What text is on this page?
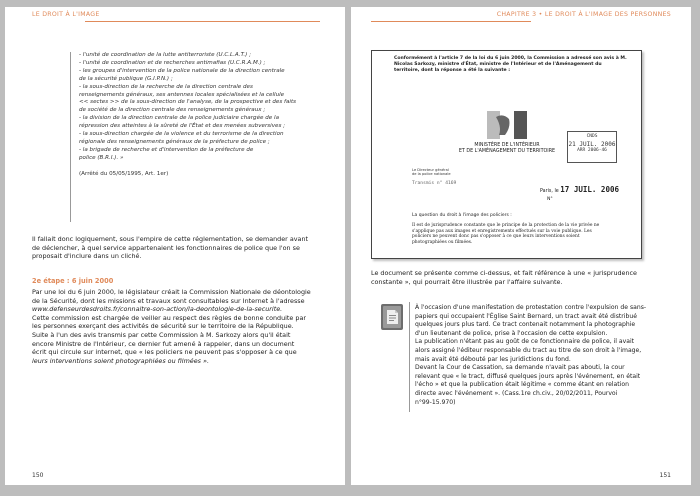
LE DROIT À L'IMAGE

- l'unité de coordination de la lutte antiterroriste (U.C.L.A.T.) ;

- l'unité de coordination et de recherches antimafias (U.C.R.A.M.) ;

- les groupes d'intervention de la police nationale de la direction centrale

de la sécurité publique (G.I.P.N.) ;

- la sous-direction de la recherche de la direction centrale des

renseignements généraux, ses antennes locales spécialisées et la cellule

<< sectes >> de la sous-direction de l'analyse, de la prospective et des faits

de société de la direction centrale des renseignements généraux ;

- la division de la direction centrale de la police judiciaire chargée de la

répression des atteintes à la sûreté de l'État et des menées subversives ;

- la sous-direction chargée de la violence et du terrorisme de la direction

régionale des renseignements généraux de la préfecture de police ;

- la brigade de recherche et d'intervention de la préfecture de

police (B.R.I.). »

(Arrêté du 05/05/1995, Art. 1er)
Il fallait donc logiquement, sous l'empire de cette réglementation, se demander avant
de déclencher, à quel service appartenaient les fonctionnaires de police que l'on se
proposait d'inclure dans un cliché.
2e étape : 6 juin 2000
Par une loi du 6 juin 2000, le législateur créait la Commission Nationale de déontologie
de la Sécurité, dont les missions et travaux sont consultables sur Internet à l'adresse
www.defenseurdesdroits.fr/connaitre-son-action/la-deontologie-de-la-securite.
Cette commission est chargée de veiller au respect des règles de bonne conduite par
les personnes exerçant des activités de sécurité sur le territoire de la République.
Suite à l'un des avis transmis par cette Commission à M. Sarkozy alors qu'il était
encore Ministre de l'Intérieur, ce dernier fut amené à rappeler, dans un document
écrit qui circule sur internet, que « les policiers ne peuvent pas s'opposer à ce que
leurs interventions soient photographiées ou filmées ».
150
CHAPITRE 3 • LE DROIT À L'IMAGE DES PERSONNES
Conformément à l'article 7 de la loi du 6 juin 2000, la Commission a adressé son avis à M. Nicolas Sarkozy, ministre d'État, ministre de l'Intérieur et de l'Aménagement du territoire, dont la réponse a été la suivante :
MINISTÈRE DE L'INTÉRIEUR
ET DE L'AMÉNAGEMENT DU TERRITOIRE
CNDS
21 JUIL. 2006
ARR 2006-46
Le Directeur général
de la police nationale
Transmis n° 4169
Paris, le 17 JUIL. 2006
N°
La question du droit à l'image des policiers :
Il est de jurisprudence constante que le principe de la protection de la vie privée ne s'applique pas aux images et enregistrements effectués sur la voie publique. Les policiers ne peuvent donc pas s'opposer à ce que leurs interventions soient photographiées ou filmées.
Le document se présente comme ci-dessus, et fait référence à une « jurisprudence
constante », qui pourrait être illustrée par l'affaire suivante.
À l'occasion d'une manifestation de protestation contre l'expulsion de sans-
papiers qui occupaient l'Église Saint Bernard, un tract avait été distribué
quelques jours plus tard. Ce tract contenait notamment la photographie
d'un lieutenant de police, prise à l'occasion de cette expulsion.
La publication n'étant pas au goût de ce fonctionnaire de police, il avait
alors assigné l'éditeur responsable du tract au titre de son droit à l'image,
mais avait été débouté par les juridictions du fond.
Devant la Cour de Cassation, sa demande n'avait pas abouti, la cour
relevant que « le tract, diffusé quelques jours après l'événement, en était
l'écho » et que la publication était légitime « comme étant en relation
directe avec l'événement ». (Cass.1re ch.civ., 20/02/2011, Pourvoi
n°99-15.970)
151
